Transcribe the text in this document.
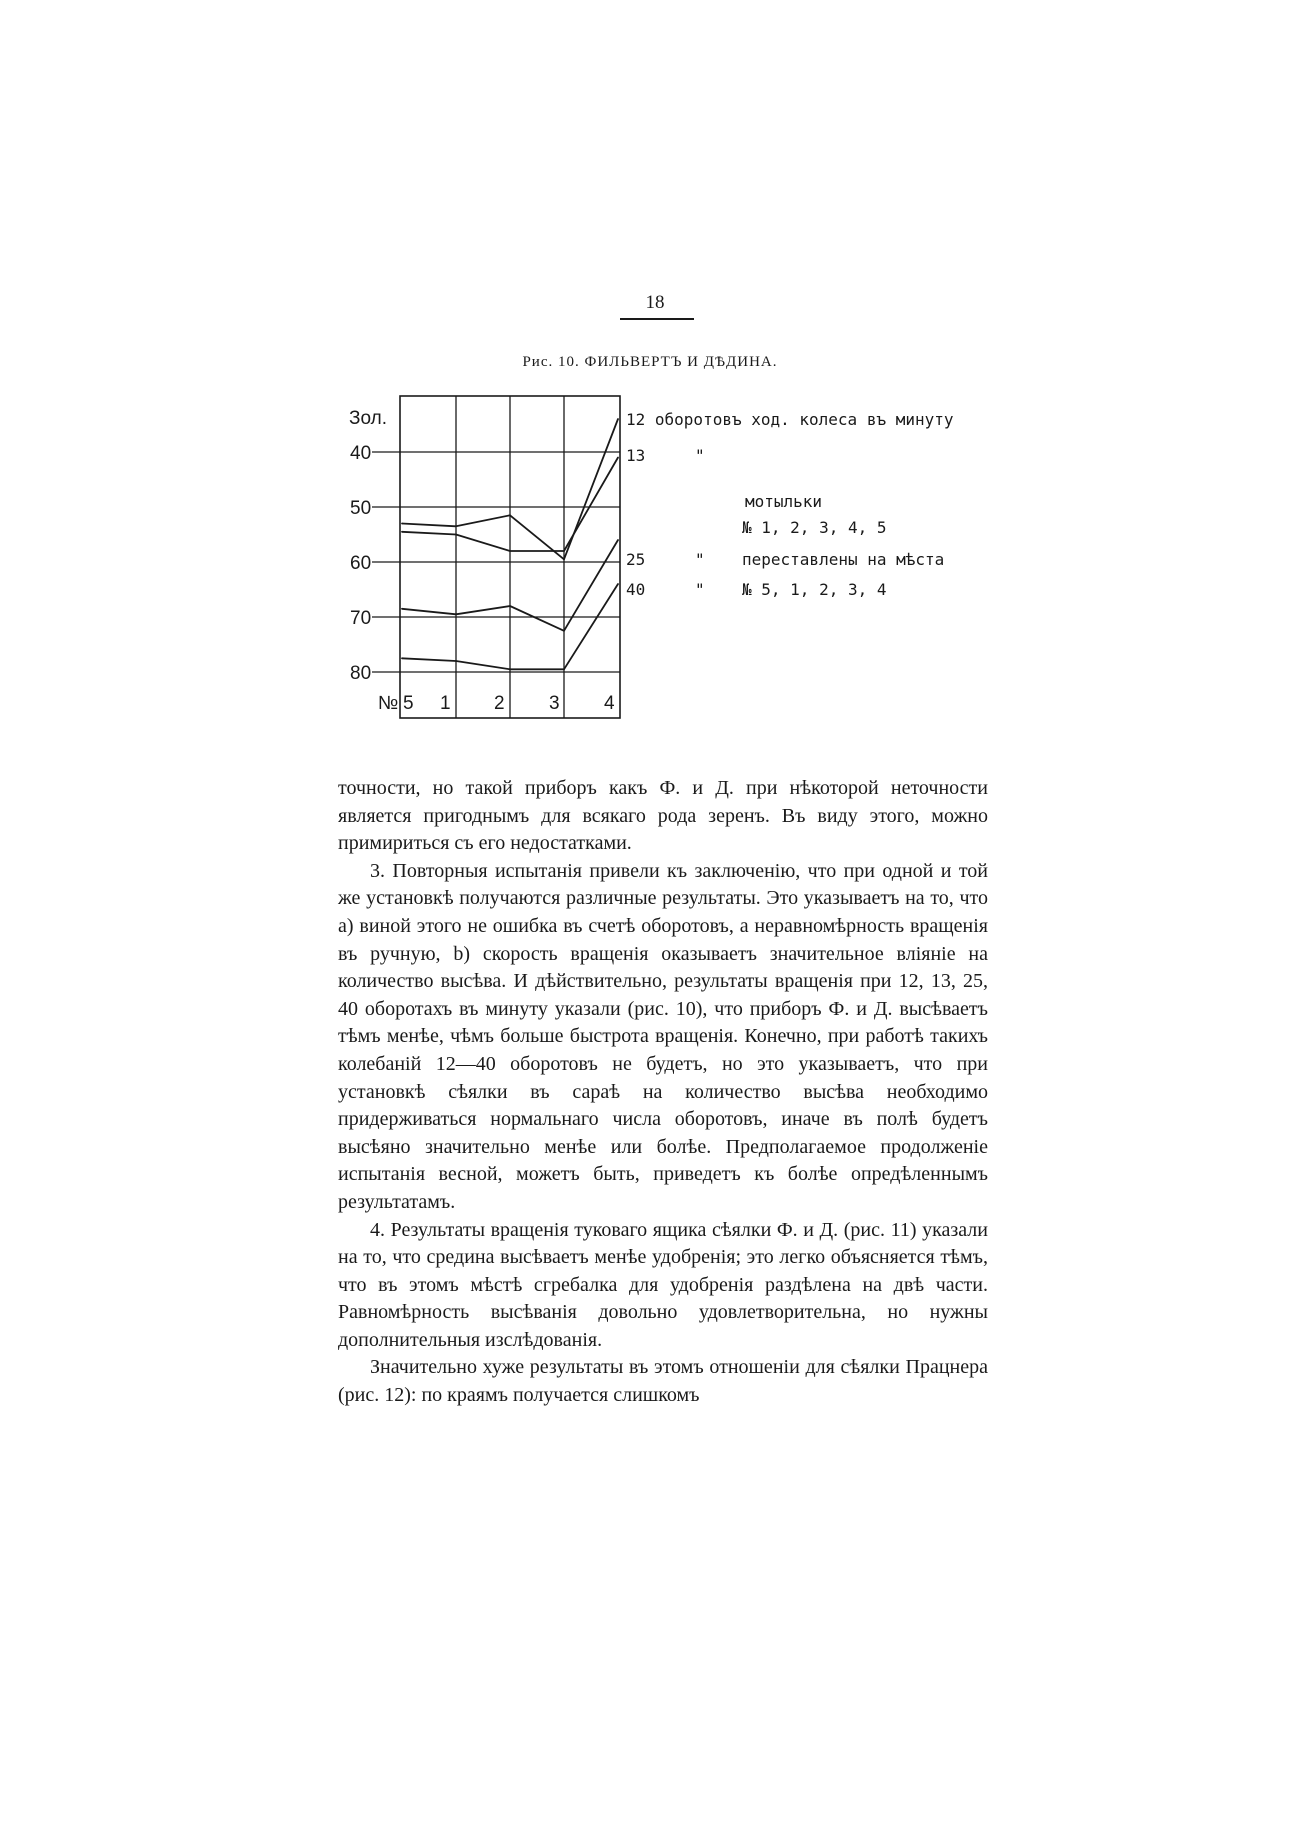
18
Рис. 10. ФИЛЬВЕРТЪ И ДѢДИНА.
80
70
60
50
40
5 1 2 3 4
Зол.
№
12 оборотовъ ход. колеса въ минуту
13	"
мотыльки
№ 1, 2, 3, 4, 5
25	" переставлены на мѣста
40	" № 5, 1, 2, 3, 4

точности, но такой приборъ какъ Ф. и Д. при нѣкоторой неточности является пригоднымъ для всякаго рода зеренъ. Въ виду этого, можно примириться съ его недостатками.

3. Повторныя испытанія привели къ заключенію, что при одной и той же установкѣ получаются различные результаты. Это указываетъ на то, что а) виной этого не ошибка въ счетѣ оборотовъ, а неравномѣрность вращенія въ ручную, b) скорость вращенія оказываетъ значительное вліяніе на количество высѣва. И дѣйствительно, результаты вращенія при 12, 13, 25, 40 оборотахъ въ минуту указали (рис. 10), что приборъ Ф. и Д. высѣваетъ тѣмъ менѣе, чѣмъ больше быстрота вращенія. Конечно, при работѣ такихъ колебаній 12—40 оборотовъ не будетъ, но это указываетъ, что при установкѣ сѣялки въ сараѣ на количество высѣва необходимо придерживаться нормальнаго числа оборотовъ, иначе въ полѣ будетъ высѣяно значительно менѣе или болѣе. Предполагаемое продолженіе испытанія весной, можетъ быть, приведетъ къ болѣе опредѣленнымъ результатамъ.

4. Результаты вращенія туковаго ящика сѣялки Ф. и Д. (рис. 11) указали на то, что средина высѣваетъ менѣе удобренія; это легко объясняется тѣмъ, что въ этомъ мѣстѣ сгребалка для удобренія раздѣлена на двѣ части. Равномѣрность высѣванія довольно удовлетворительна, но нужны дополнительныя изслѣдованія.

Значительно хуже результаты въ этомъ отношеніи для сѣялки Працнера (рис. 12): по краямъ получается слишкомъ
